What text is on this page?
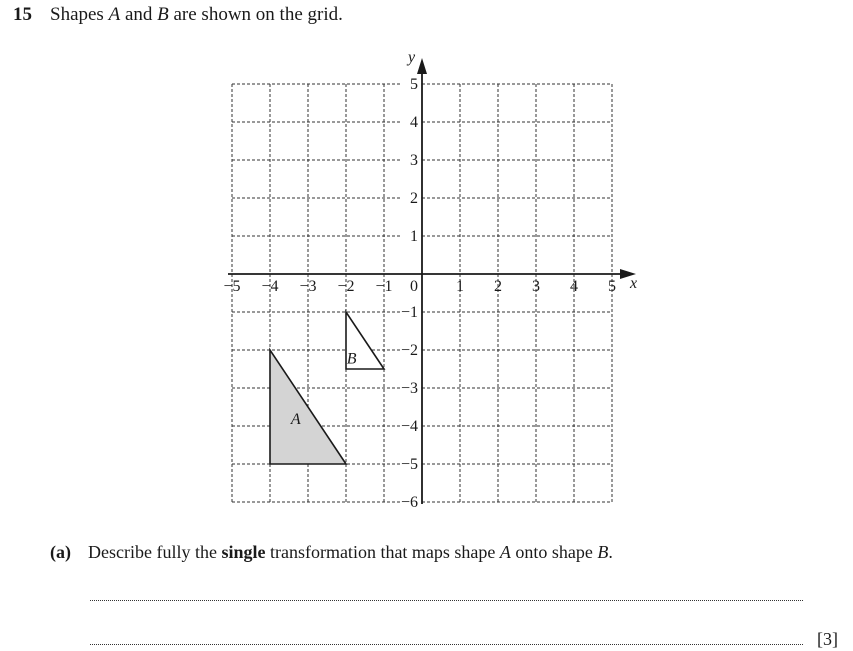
15 Shapes A and B are shown on the grid.
x
y
−5 −4 −3 −2 −1 0 1 2 3 4 5
5
4
3
2
1
−1
−2
−3
−4
−5
−6
A
B
(a) Describe fully the single transformation that maps shape A onto shape B.
[3]
